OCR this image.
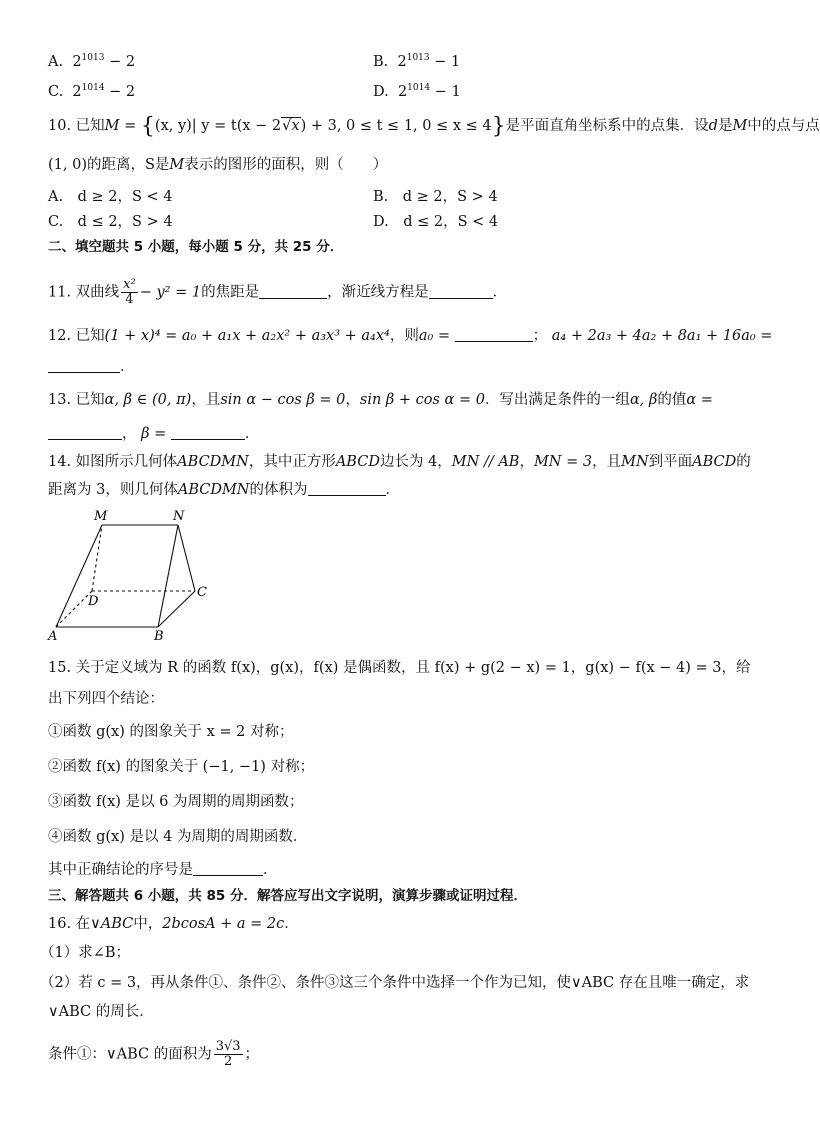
A. $2^{1013} - 2$	B. $2^{1013} - 1$
C. $2^{1014} - 2$	D. $2^{1014} - 1$
10. 已知M = {(x, y)| y = t(x − 2√x) + 3, 0 ≤ t ≤ 1, 0 ≤ x ≤ 4}是平面直角坐标系中的点集．设d是M中的点与点
(1, 0)的距离，S是M表示的图形的面积，则（　　）
A.　d ≥ 2，S < 4	B.　d ≥ 2，S > 4
C.　d ≤ 2，S > 4	D.　d ≤ 2，S < 4
二、填空题共 5 小题，每小题 5 分，共 25 分．
11. 双曲线 $\frac{\text{x²}}{4} - y^2 = 1$的焦距是	，渐近线方程是	．
12. 已知(1 + x)⁴ = a₀ + a₁x + a₂x² + a₃x³ + a₄x⁴，则a₀ =	； a₄ + 2a₃ + 4a₂ + 8a₁ + 16a₀ =
．
13. 已知α, β ∈ (0, π)，且sin α − cos β = 0，sin β + cos α = 0．写出满足条件的一组α, β的值α =
， β =	．
14. 如图所示几何体ABCDMN，其中正方形ABCD边长为 4，MN // AB，MN = 3，且MN到平面ABCD的
距离为 3，则几何体ABCDMN的体积为	．
M	N
D
C
A	B
15. 关于定义域为 R 的函数 f(x)，g(x)，f(x) 是偶函数，且 f(x) + g(2 − x) = 1，g(x) − f(x − 4) = 3，给
出下列四个结论：
①函数 g(x) 的图象关于 x = 2 对称；
②函数 f(x) 的图象关于 (−1, −1) 对称；
③函数 f(x) 是以 6 为周期的周期函数；
④函数 g(x) 是以 4 为周期的周期函数．
其中正确结论的序号是	．
三、解答题共 6 小题，共 85 分．解答应写出文字说明，演算步骤或证明过程．
16. 在∨ABC中，2bcosA + a = 2c．
（1）求∠B；
（2）若 c = 3，再从条件①、条件②、条件③这三个条件中选择一个作为已知，使∨ABC 存在且唯一确定，求
∨ABC 的周长．
条件①：∨ABC 的面积为 $\frac{3√3}{2}$ ；
